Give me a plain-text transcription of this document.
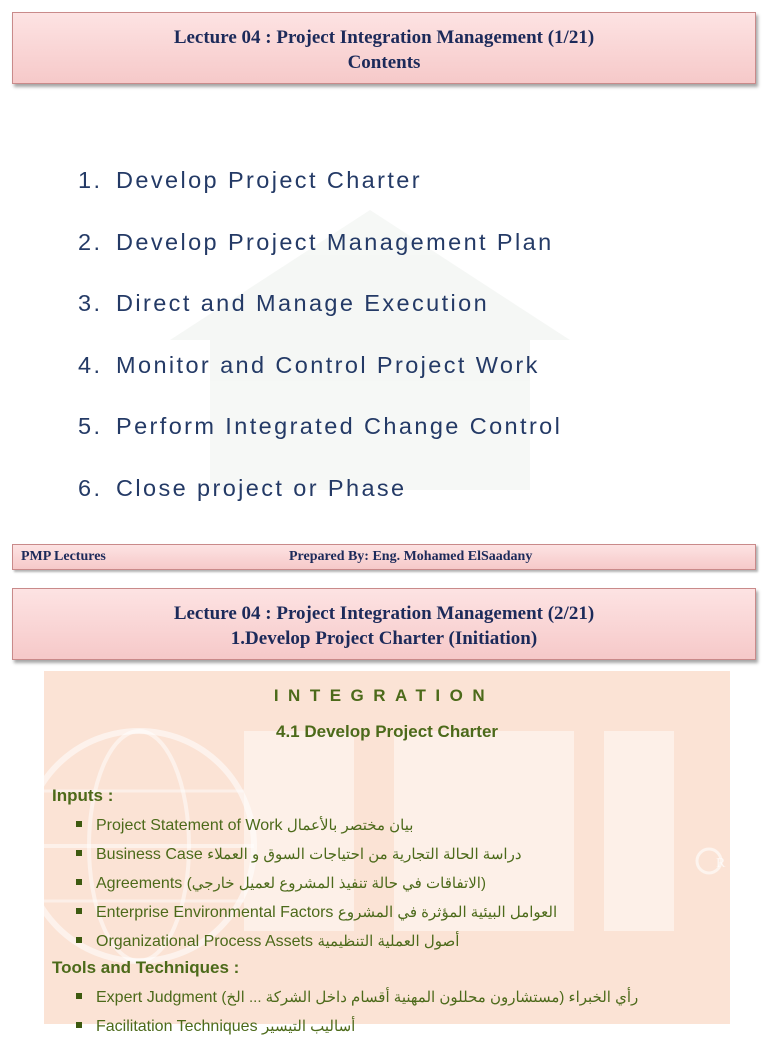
Lecture 04 : Project Integration Management (1/21)
Contents
1. Develop Project Charter
2. Develop Project Management Plan
3. Direct and Manage Execution
4. Monitor and Control Project Work
5. Perform Integrated Change Control
6. Close project or Phase
PMP Lectures	Prepared By: Eng. Mohamed ElSaadany
Lecture 04 : Project Integration Management (2/21)
1.Develop Project Charter (Initiation)
R
INTEGRATION
4.1 Develop Project Charter
Inputs :
Project Statement of Work بيان مختصر بالأعمال
Business Case دراسة الحالة التجارية من احتياجات السوق و العملاء
Agreements (الاتفاقات في حالة تنفيذ المشروع لعميل خارجي)
Enterprise Environmental Factors العوامل البيئية المؤثرة في المشروع
Organizational Process Assets أصول العملية التنظيمية
Tools and Techniques :
Expert Judgment رأي الخبراء (مستشارون محللون المهنية أقسام داخل الشركة ... الخ)
Facilitation Techniques أساليب التيسير
